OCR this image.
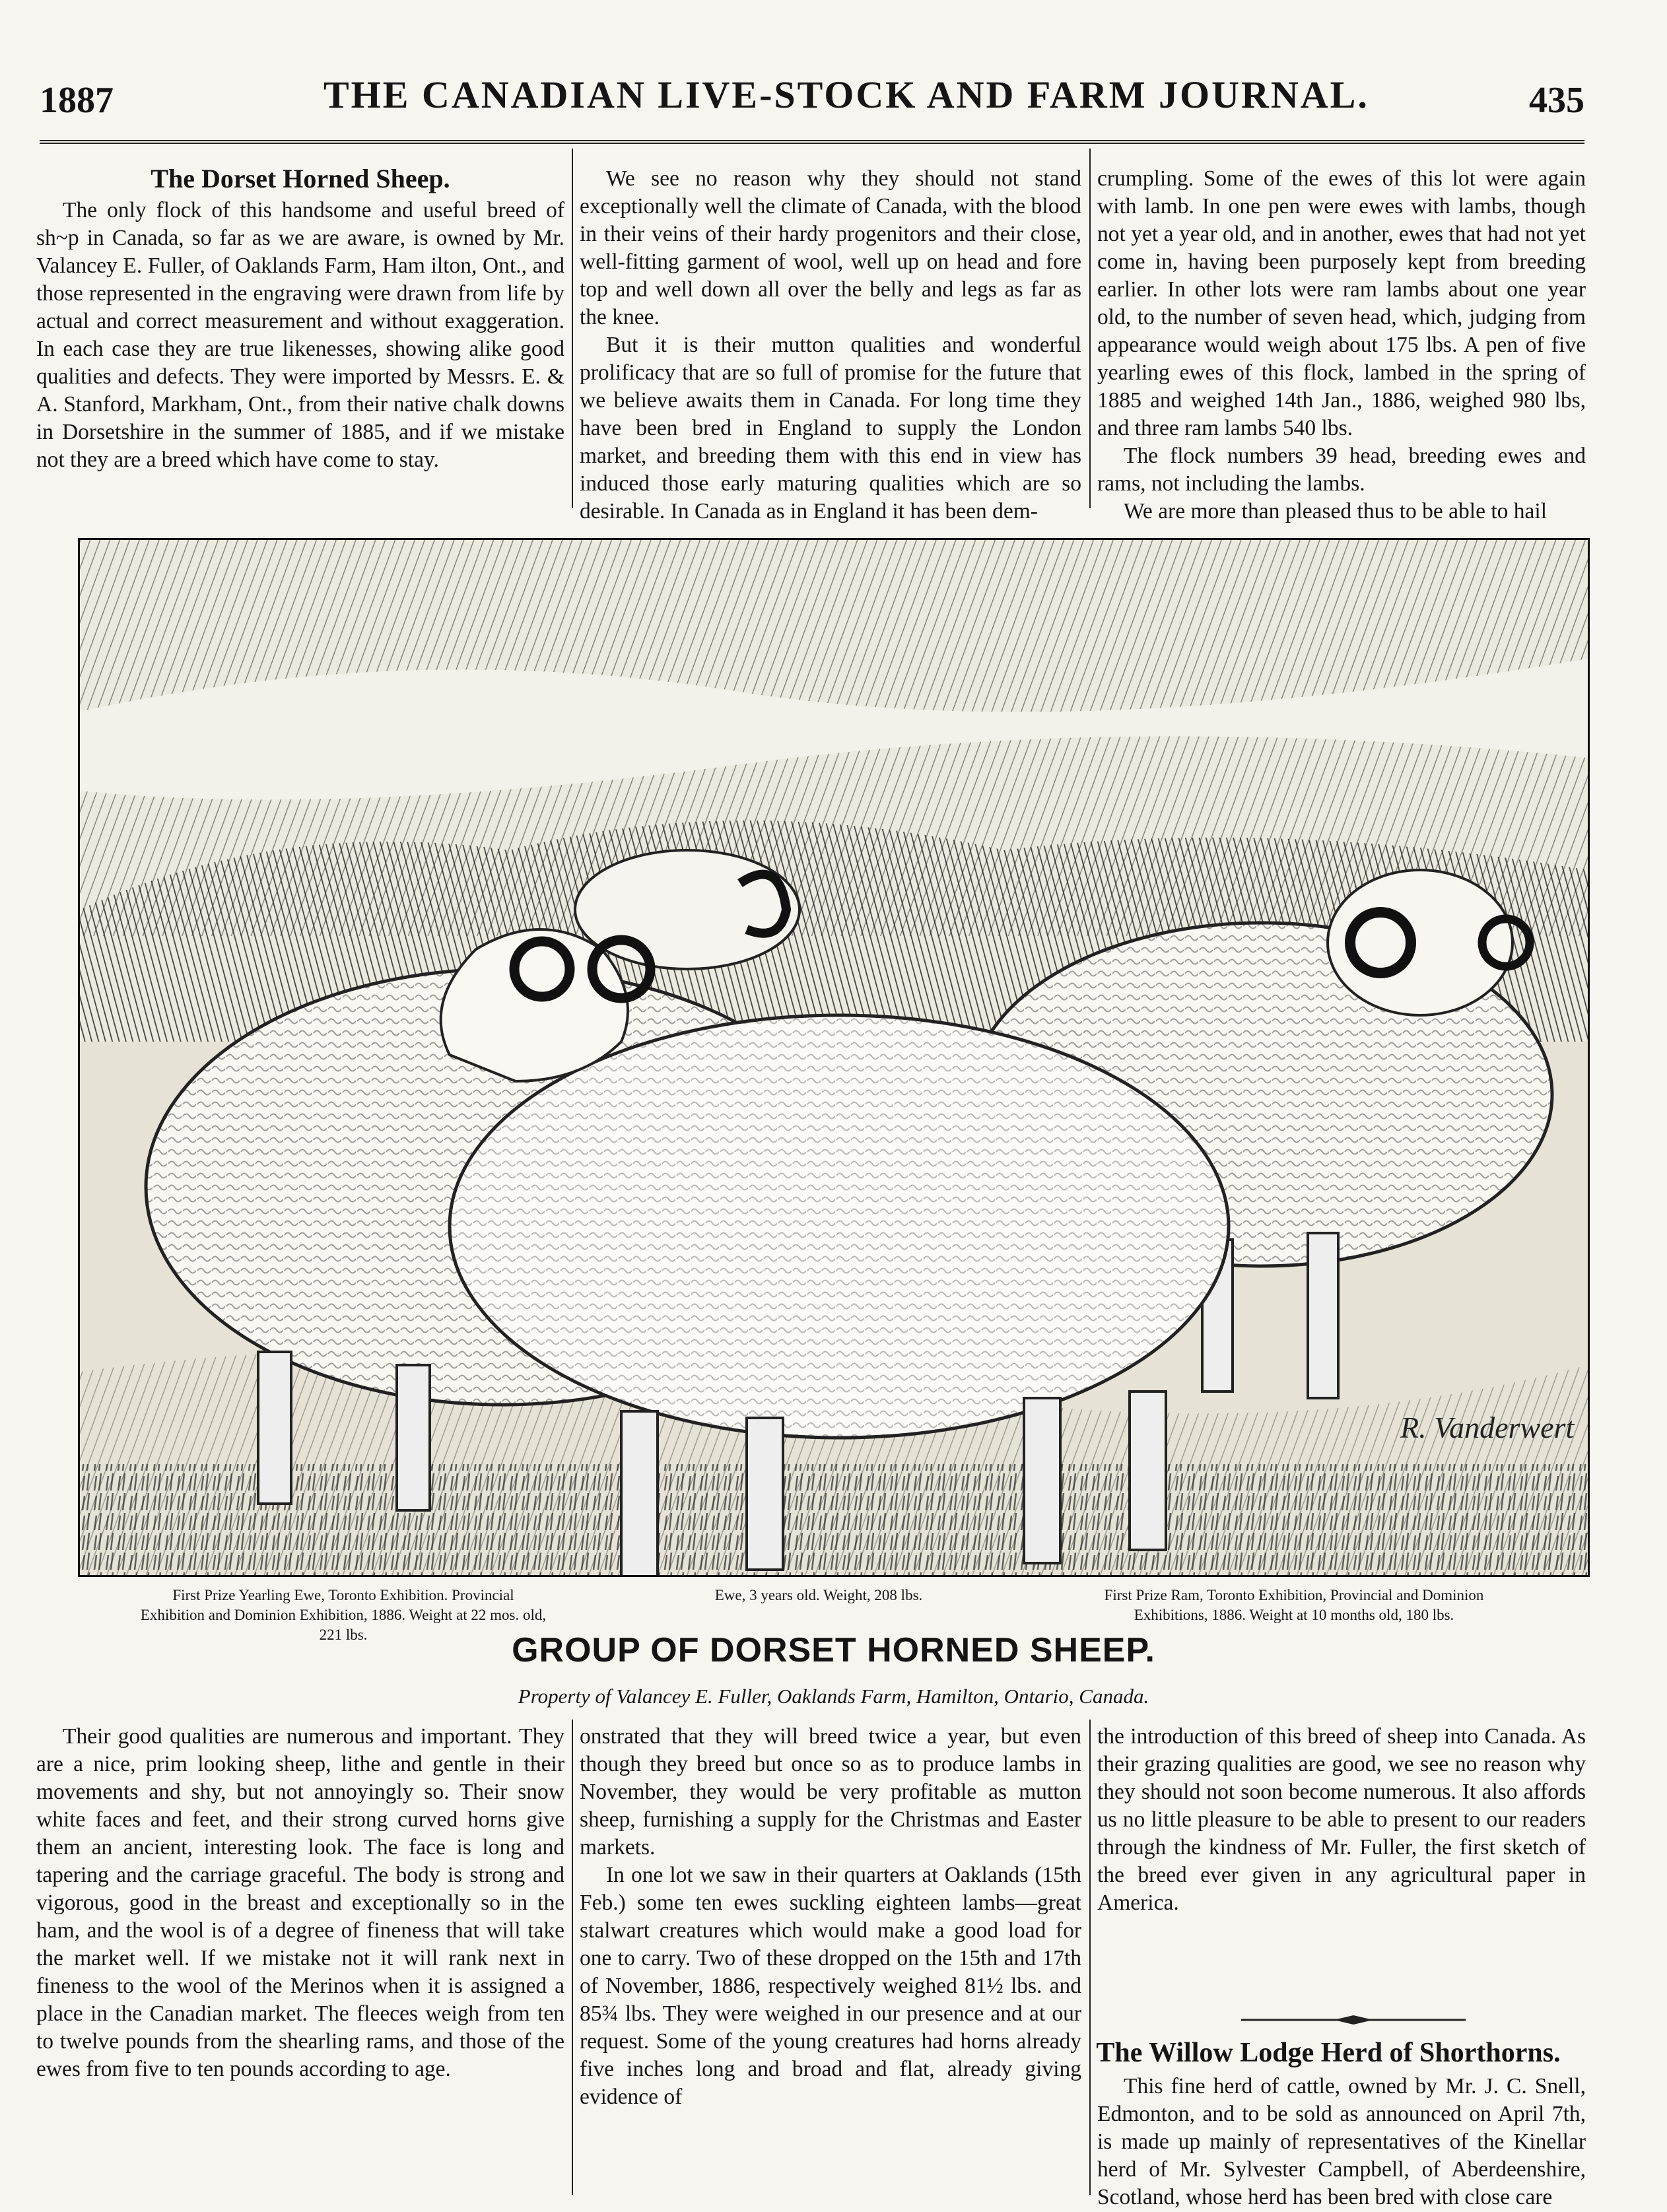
1887	THE CANADIAN LIVE-STOCK AND FARM JOURNAL.	435
The Dorset Horned Sheep.

The only flock of this handsome and useful breed of sh~p in Canada, so far as we are aware, is owned by Mr. Valancey E. Fuller, of Oaklands Farm, Ham ilton, Ont., and those represented in the engraving were drawn from life by actual and correct measurement and without exaggeration. In each case they are true likenesses, showing alike good qualities and defects. They were imported by Messrs. E. & A. Stanford, Markham, Ont., from their native chalk downs in Dorsetshire in the summer of 1885, and if we mistake not they are a breed which have come to stay.

We see no reason why they should not stand exceptionally well the climate of Canada, with the blood in their veins of their hardy progenitors and their close, well-fitting garment of wool, well up on head and fore top and well down all over the belly and legs as far as the knee.

But it is their mutton qualities and wonderful prolificacy that are so full of promise for the future that we believe awaits them in Canada. For long time they have been bred in England to supply the London market, and breeding them with this end in view has induced those early maturing qualities which are so desirable. In Canada as in England it has been dem-

crumpling. Some of the ewes of this lot were again with lamb. In one pen were ewes with lambs, though not yet a year old, and in another, ewes that had not yet come in, having been purposely kept from breeding earlier. In other lots were ram lambs about one year old, to the number of seven head, which, judging from appearance would weigh about 175 lbs. A pen of five yearling ewes of this flock, lambed in the spring of 1885 and weighed 14th Jan., 1886, weighed 980 lbs, and three ram lambs 540 lbs.

The flock numbers 39 head, breeding ewes and rams, not including the lambs.

We are more than pleased thus to be able to hail

R. Vanderwert
First Prize Yearling Ewe, Toronto Exhibition. Provincial Exhibition and Dominion Exhibition, 1886. Weight at 22 mos. old, 221 lbs.
Ewe, 3 years old. Weight, 208 lbs.	First Prize Ram, Toronto Exhibition, Provincial and Dominion Exhibitions, 1886. Weight at 10 months old, 180 lbs.
GROUP OF DORSET HORNED SHEEP.
Property of Valancey E. Fuller, Oaklands Farm, Hamilton, Ontario, Canada.

Their good qualities are numerous and important. They are a nice, prim looking sheep, lithe and gentle in their movements and shy, but not annoyingly so. Their snow white faces and feet, and their strong curved horns give them an ancient, interesting look. The face is long and tapering and the carriage graceful. The body is strong and vigorous, good in the breast and exceptionally so in the ham, and the wool is of a degree of fineness that will take the market well. If we mistake not it will rank next in fineness to the wool of the Merinos when it is assigned a place in the Canadian market. The fleeces weigh from ten to twelve pounds from the shearling rams, and those of the ewes from five to ten pounds according to age.

onstrated that they will breed twice a year, but even though they breed but once so as to produce lambs in November, they would be very profitable as mutton sheep, furnishing a supply for the Christmas and Easter markets.

In one lot we saw in their quarters at Oaklands (15th Feb.) some ten ewes suckling eighteen lambs—great stalwart creatures which would make a good load for one to carry. Two of these dropped on the 15th and 17th of November, 1886, respectively weighed 81½ lbs. and 85¾ lbs. They were weighed in our presence and at our request. Some of the young creatures had horns already five inches long and broad and flat, already giving evidence of

the introduction of this breed of sheep into Canada. As their grazing qualities are good, we see no reason why they should not soon become numerous. It also affords us no little pleasure to be able to present to our readers through the kindness of Mr. Fuller, the first sketch of the breed ever given in any agricultural paper in America.

The Willow Lodge Herd of Shorthorns.

This fine herd of cattle, owned by Mr. J. C. Snell, Edmonton, and to be sold as announced on April 7th, is made up mainly of representatives of the Kinellar herd of Mr. Sylvester Campbell, of Aberdeenshire, Scotland, whose herd has been bred with close care
